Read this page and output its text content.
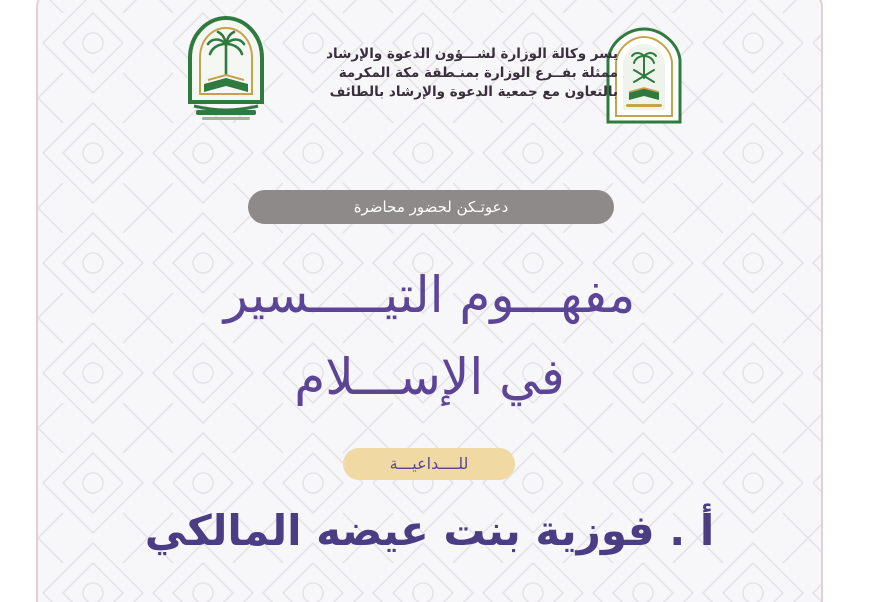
يسر وكالة الوزارة لشـــؤون الدعوة والإرشاد
ممثلة بفــرع الوزارة بمنـطقة مكة المكرمة
بالتعاون مع جمعية الدعوة والإرشاد بالطائف
دعوتـكن لحضور محاضرة
مفهـــوم التيـــــسير
في الإســـلام
للــــداعيـــة
أ . فوزية بنت عيضه المالكي
